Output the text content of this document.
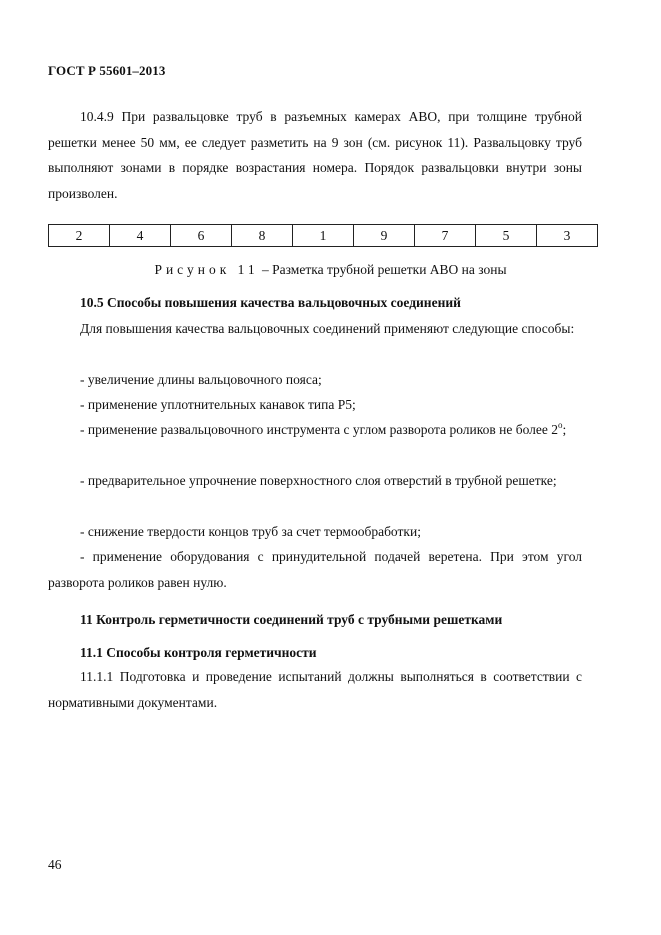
ГОСТ Р 55601–2013
10.4.9 При развальцовке труб в разъемных камерах АВО, при толщине трубной решетки менее 50 мм, ее следует разметить на 9 зон (см. рисунок 11). Развальцовку труб выполняют зонами в порядке возрастания номера. Порядок развальцовки внутри зоны произволен.
2	4	6	8	1	9	7	5	3
Рисунок 11 – Разметка трубной решетки АВО на зоны
10.5 Способы повышения качества вальцовочных соединений
Для повышения качества вальцовочных соединений применяют следующие способы:
- увеличение длины вальцовочного пояса;
- применение уплотнительных канавок типа Р5;
- применение развальцовочного инструмента с углом разворота роликов не более $2^о$;
- предварительное упрочнение поверхностного слоя отверстий в трубной решетке;
- снижение твердости концов труб за счет термообработки;
- применение оборудования с принудительной подачей веретена. При этом угол разворота роликов равен нулю.
11 Контроль герметичности соединений труб с трубными решетками
11.1 Способы контроля герметичности
11.1.1 Подготовка и проведение испытаний должны выполняться в соответствии с нормативными документами.
46
